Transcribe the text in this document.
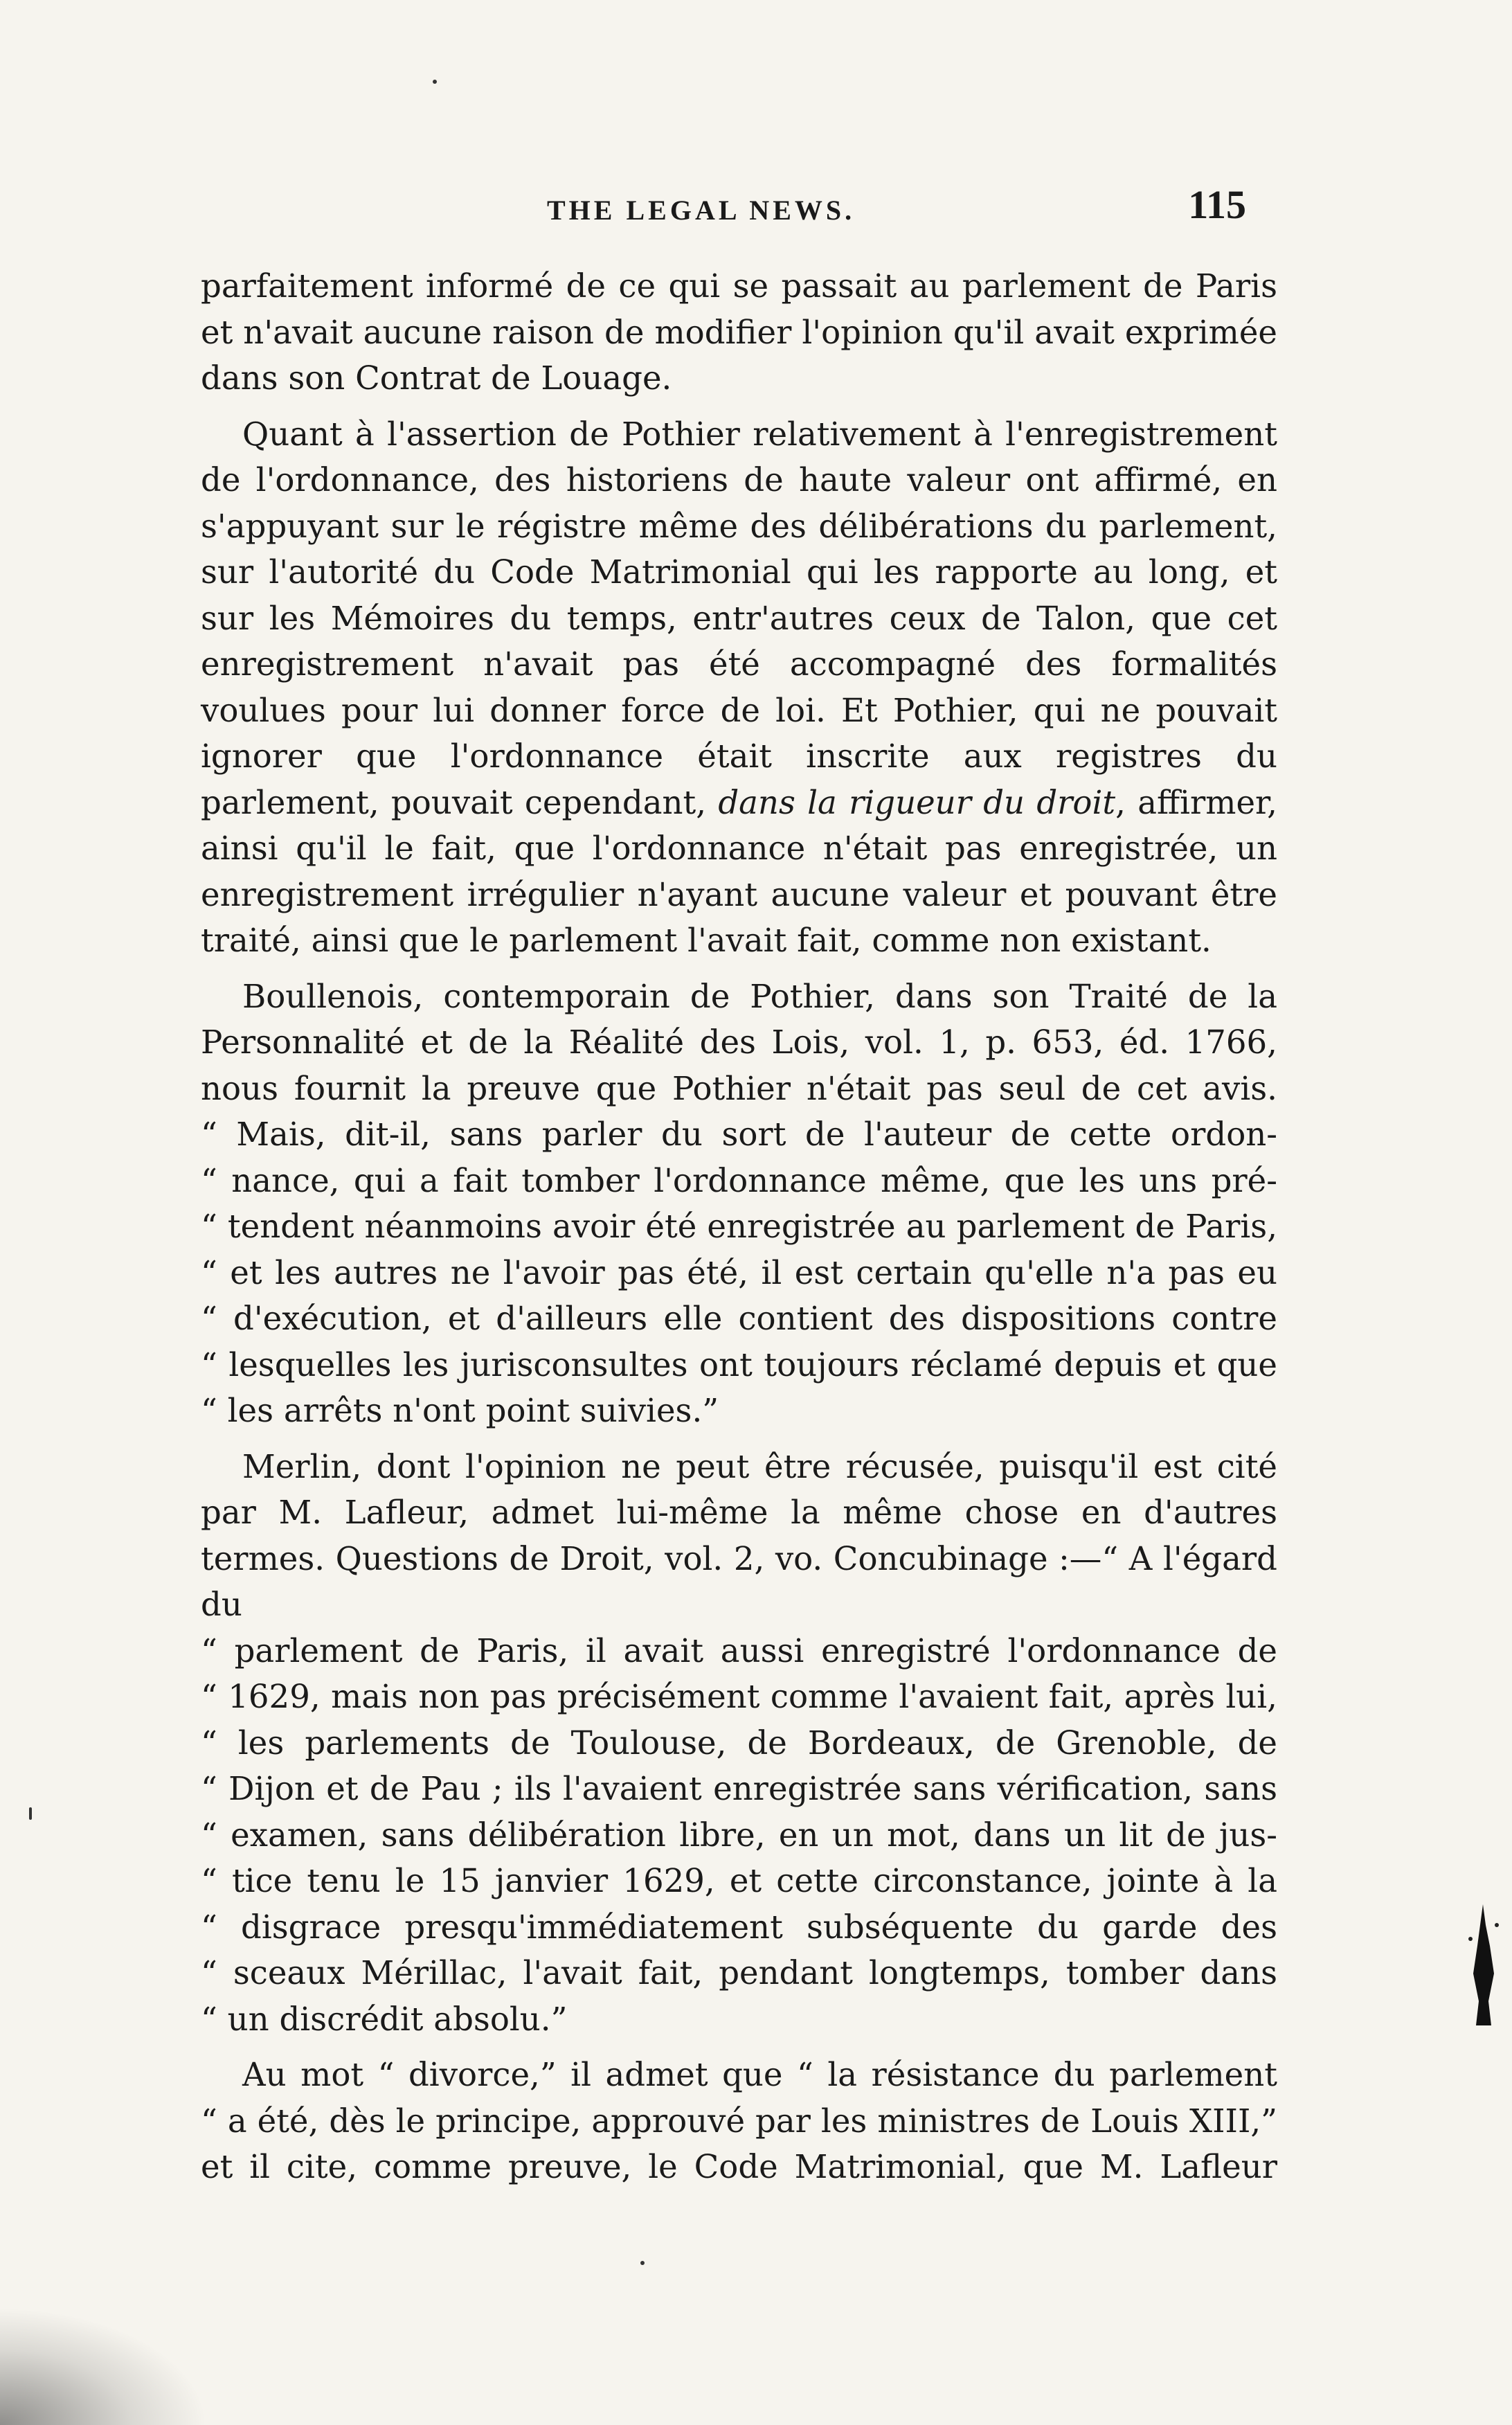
THE LEGAL NEWS.	115

parfaitement informé de ce qui se passait au parlement de Paris et n'avait aucune raison de modifier l'opinion qu'il avait exprimée dans son Contrat de Louage.

Quant à l'assertion de Pothier relativement à l'enregistrement de l'ordonnance, des historiens de haute valeur ont affirmé, en s'appuyant sur le régistre même des délibérations du parlement, sur l'autorité du Code Matrimonial qui les rapporte au long, et sur les Mémoires du temps, entr'autres ceux de Talon, que cet enregistrement n'avait pas été accompagné des formalités voulues pour lui donner force de loi. Et Pothier, qui ne pouvait ignorer que l'ordonnance était inscrite aux registres du parlement, pouvait cependant, dans la rigueur du droit, affirmer, ainsi qu'il le fait, que l'ordonnance n'était pas enregistrée, un enregistrement irrégulier n'ayant aucune valeur et pouvant être traité, ainsi que le parlement l'avait fait, comme non existant.

Boullenois, contemporain de Pothier, dans son Traité de la Personnalité et de la Réalité des Lois, vol. 1, p. 653, éd. 1766, nous fournit la preuve que Pothier n'était pas seul de cet avis.

“ Mais, dit-il, sans parler du sort de l'auteur de cette ordon-
“ nance, qui a fait tomber l'ordonnance même, que les uns pré-
“ tendent néanmoins avoir été enregistrée au parlement de Paris,
“ et les autres ne l'avoir pas été, il est certain qu'elle n'a pas eu
“ d'exécution, et d'ailleurs elle contient des dispositions contre
“ lesquelles les jurisconsultes ont toujours réclamé depuis et que
“ les arrêts n'ont point suivies.”

Merlin, dont l'opinion ne peut être récusée, puisqu'il est cité par M. Lafleur, admet lui-même la même chose en d'autres termes. Questions de Droit, vol. 2, vo. Concubinage :—“ A l'égard du

“ parlement de Paris, il avait aussi enregistré l'ordonnance de
“ 1629, mais non pas précisément comme l'avaient fait, après lui,
“ les parlements de Toulouse, de Bordeaux, de Grenoble, de
“ Dijon et de Pau ; ils l'avaient enregistrée sans vérification, sans
“ examen, sans délibération libre, en un mot, dans un lit de jus-
“ tice tenu le 15 janvier 1629, et cette circonstance, jointe à la
“ disgrace presqu'immédiatement subséquente du garde des
“ sceaux Mérillac, l'avait fait, pendant longtemps, tomber dans
“ un discrédit absolu.”
Au mot “ divorce,” il admet que “ la résistance du parlement
“ a été, dès le principe, approuvé par les ministres de Louis XIII,”
et il cite, comme preuve, le Code Matrimonial, que M. Lafleur
